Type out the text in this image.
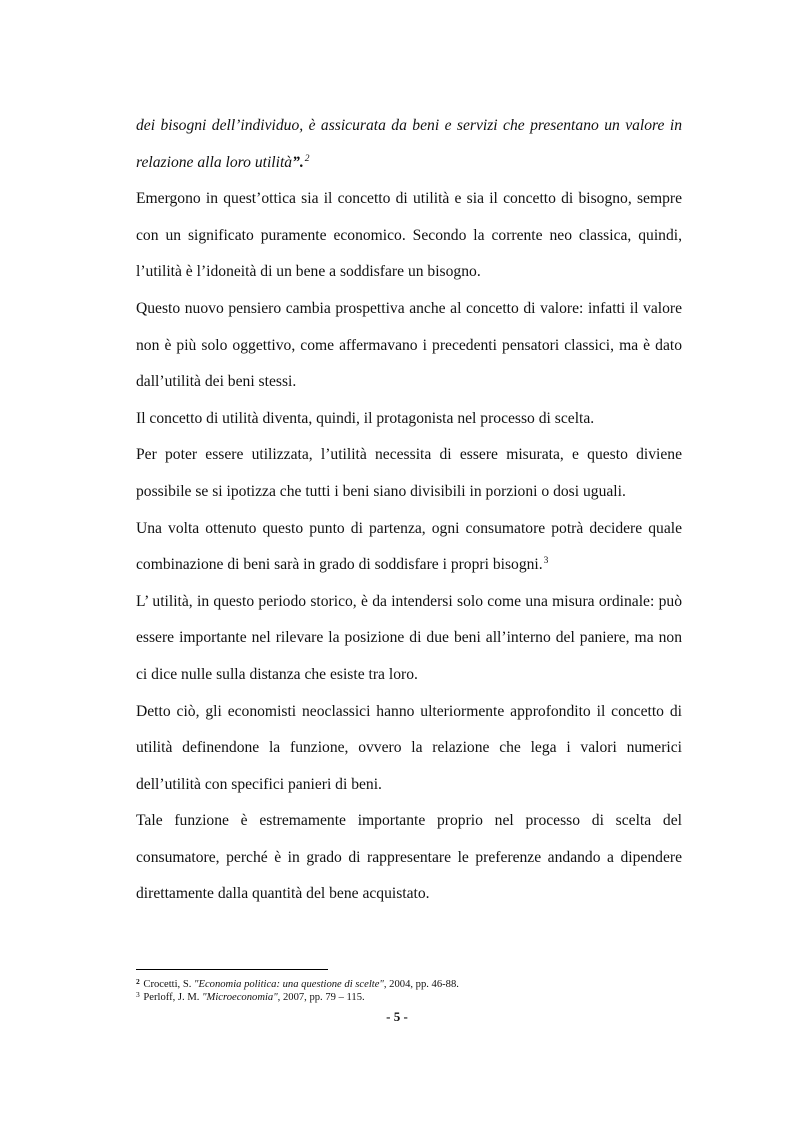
dei bisogni dell’individuo, è assicurata da beni e servizi che presentano un valore in relazione alla loro utilità”.$^2$

Emergono in quest’ottica sia il concetto di utilità e sia il concetto di bisogno, sempre con un significato puramente economico. Secondo la corrente neo classica, quindi, l’utilità è l’idoneità di un bene a soddisfare un bisogno.

Questo nuovo pensiero cambia prospettiva anche al concetto di valore: infatti il valore non è più solo oggettivo, come affermavano i precedenti pensatori classici, ma è dato dall’utilità dei beni stessi.

Il concetto di utilità diventa, quindi, il protagonista nel processo di scelta.

Per poter essere utilizzata, l’utilità necessita di essere misurata, e questo diviene possibile se si ipotizza che tutti i beni siano divisibili in porzioni o dosi uguali.

Una volta ottenuto questo punto di partenza, ogni consumatore potrà decidere quale combinazione di beni sarà in grado di soddisfare i propri bisogni.$^3$

L’ utilità, in questo periodo storico, è da intendersi solo come una misura ordinale: può essere importante nel rilevare la posizione di due beni all’interno del paniere, ma non ci dice nulle sulla distanza che esiste tra loro.

Detto ciò, gli economisti neoclassici hanno ulteriormente approfondito il concetto di utilità definendone la funzione, ovvero la relazione che lega i valori numerici dell’utilità con specifici panieri di beni.

Tale funzione è estremamente importante proprio nel processo di scelta del consumatore, perché è in grado di rappresentare le preferenze andando a dipendere direttamente dalla quantità del bene acquistato.

$^2$ Crocetti, S. "Economia politica: una questione di scelte", 2004, pp. 46-88.
$^3$ Perloff, J. M. "Microeconomia", 2007, pp. 79 – 115.
- 5 -
